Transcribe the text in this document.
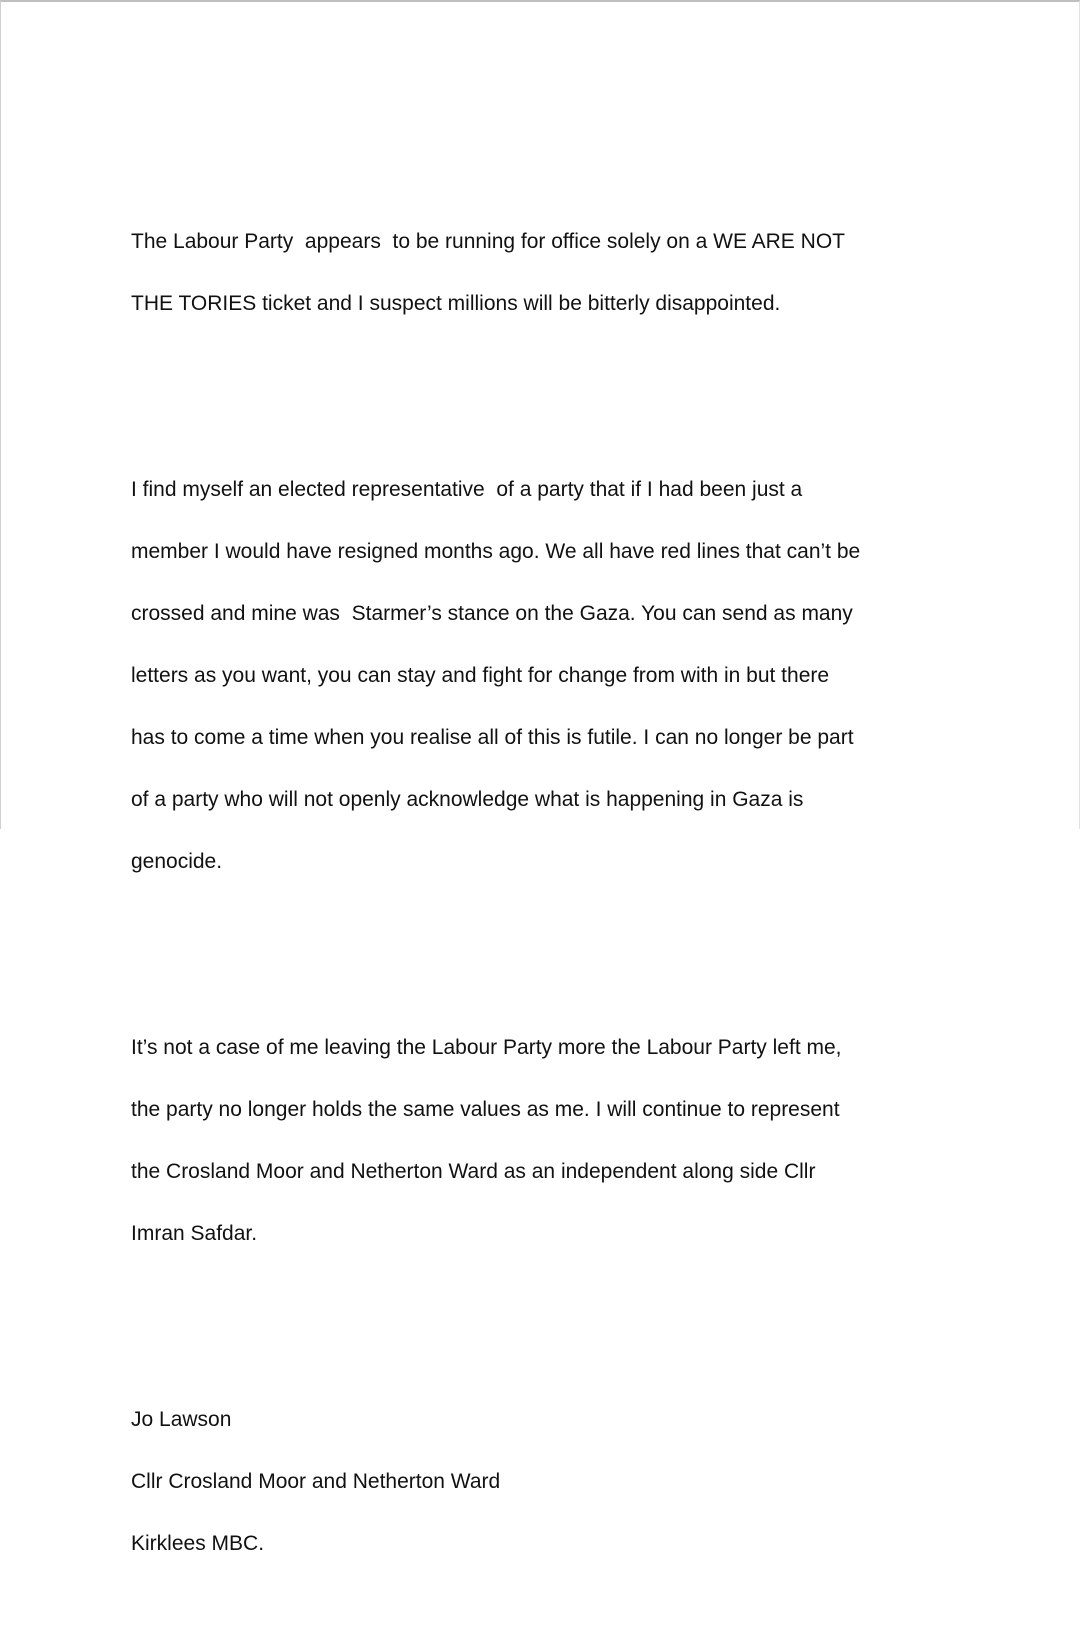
The Labour Party  appears  to be running for office solely on a WE ARE NOT

THE TORIES ticket and I suspect millions will be bitterly disappointed.

I find myself an elected representative  of a party that if I had been just a

member I would have resigned months ago. We all have red lines that can’t be

crossed and mine was  Starmer’s stance on the Gaza. You can send as many

letters as you want, you can stay and fight for change from with in but there

has to come a time when you realise all of this is futile. I can no longer be part

of a party who will not openly acknowledge what is happening in Gaza is

genocide.

It’s not a case of me leaving the Labour Party more the Labour Party left me,

the party no longer holds the same values as me. I will continue to represent

the Crosland Moor and Netherton Ward as an independent along side Cllr

Imran Safdar.

Jo Lawson

Cllr Crosland Moor and Netherton Ward

Kirklees MBC.
